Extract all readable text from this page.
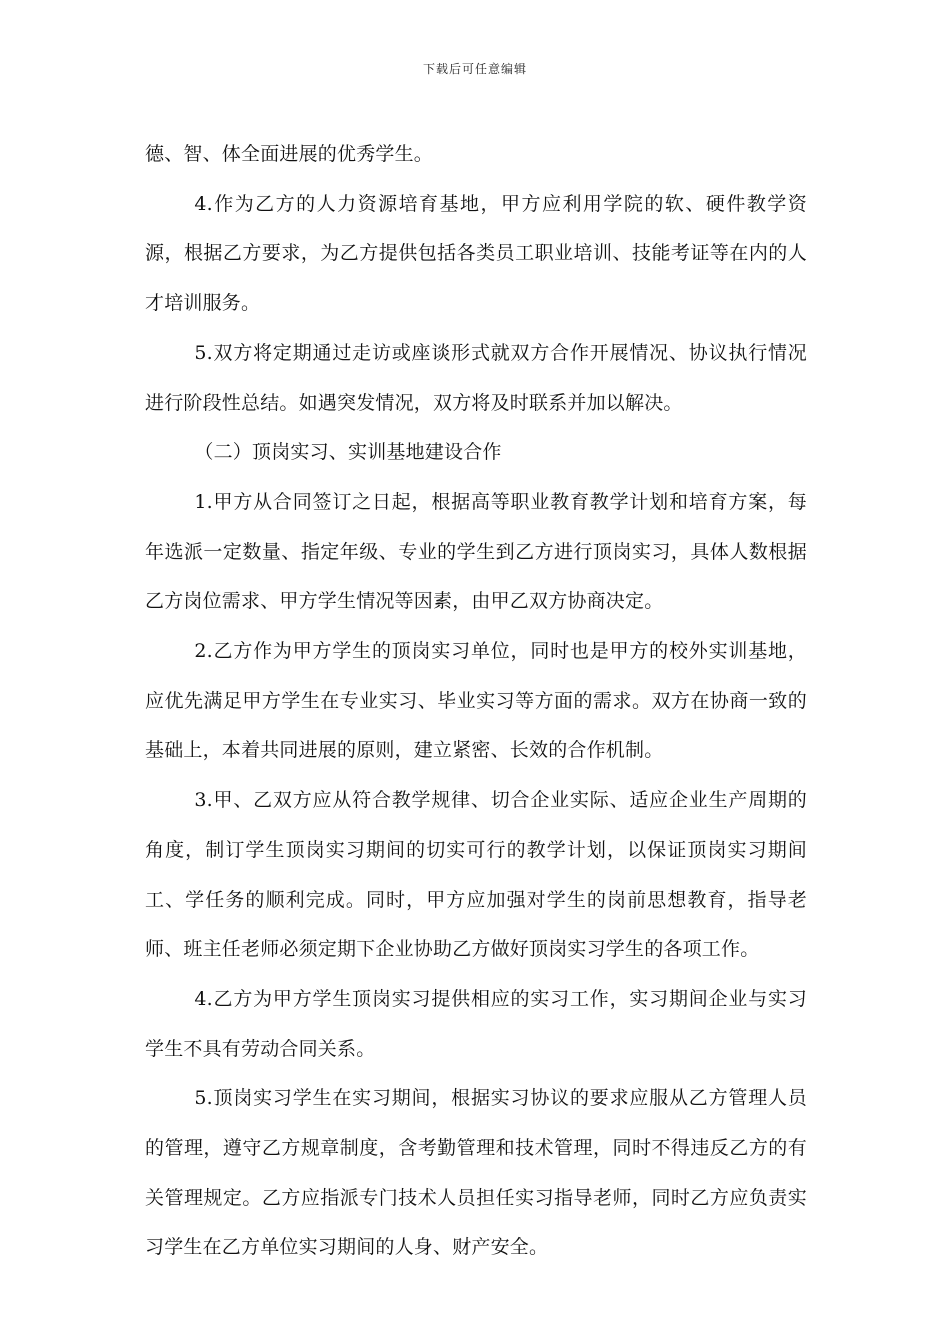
下载后可任意编辑

德、智、体全面进展的优秀学生。

4.作为乙方的人力资源培育基地，甲方应利用学院的软、硬件教学资源，根据乙方要求，为乙方提供包括各类员工职业培训、技能考证等在内的人才培训服务。

5.双方将定期通过走访或座谈形式就双方合作开展情况、协议执行情况进行阶段性总结。如遇突发情况，双方将及时联系并加以解决。

（二）顶岗实习、实训基地建设合作

1.甲方从合同签订之日起，根据高等职业教育教学计划和培育方案，每年选派一定数量、指定年级、专业的学生到乙方进行顶岗实习，具体人数根据乙方岗位需求、甲方学生情况等因素，由甲乙双方协商决定。

2.乙方作为甲方学生的顶岗实习单位，同时也是甲方的校外实训基地，应优先满足甲方学生在专业实习、毕业实习等方面的需求。双方在协商一致的基础上，本着共同进展的原则，建立紧密、长效的合作机制。

3.甲、乙双方应从符合教学规律、切合企业实际、适应企业生产周期的角度，制订学生顶岗实习期间的切实可行的教学计划，以保证顶岗实习期间工、学任务的顺利完成。同时，甲方应加强对学生的岗前思想教育，指导老师、班主任老师必须定期下企业协助乙方做好顶岗实习学生的各项工作。

4.乙方为甲方学生顶岗实习提供相应的实习工作，实习期间企业与实习学生不具有劳动合同关系。

5.顶岗实习学生在实习期间，根据实习协议的要求应服从乙方管理人员的管理，遵守乙方规章制度，含考勤管理和技术管理，同时不得违反乙方的有关管理规定。乙方应指派专门技术人员担任实习指导老师，同时乙方应负责实习学生在乙方单位实习期间的人身、财产安全。
